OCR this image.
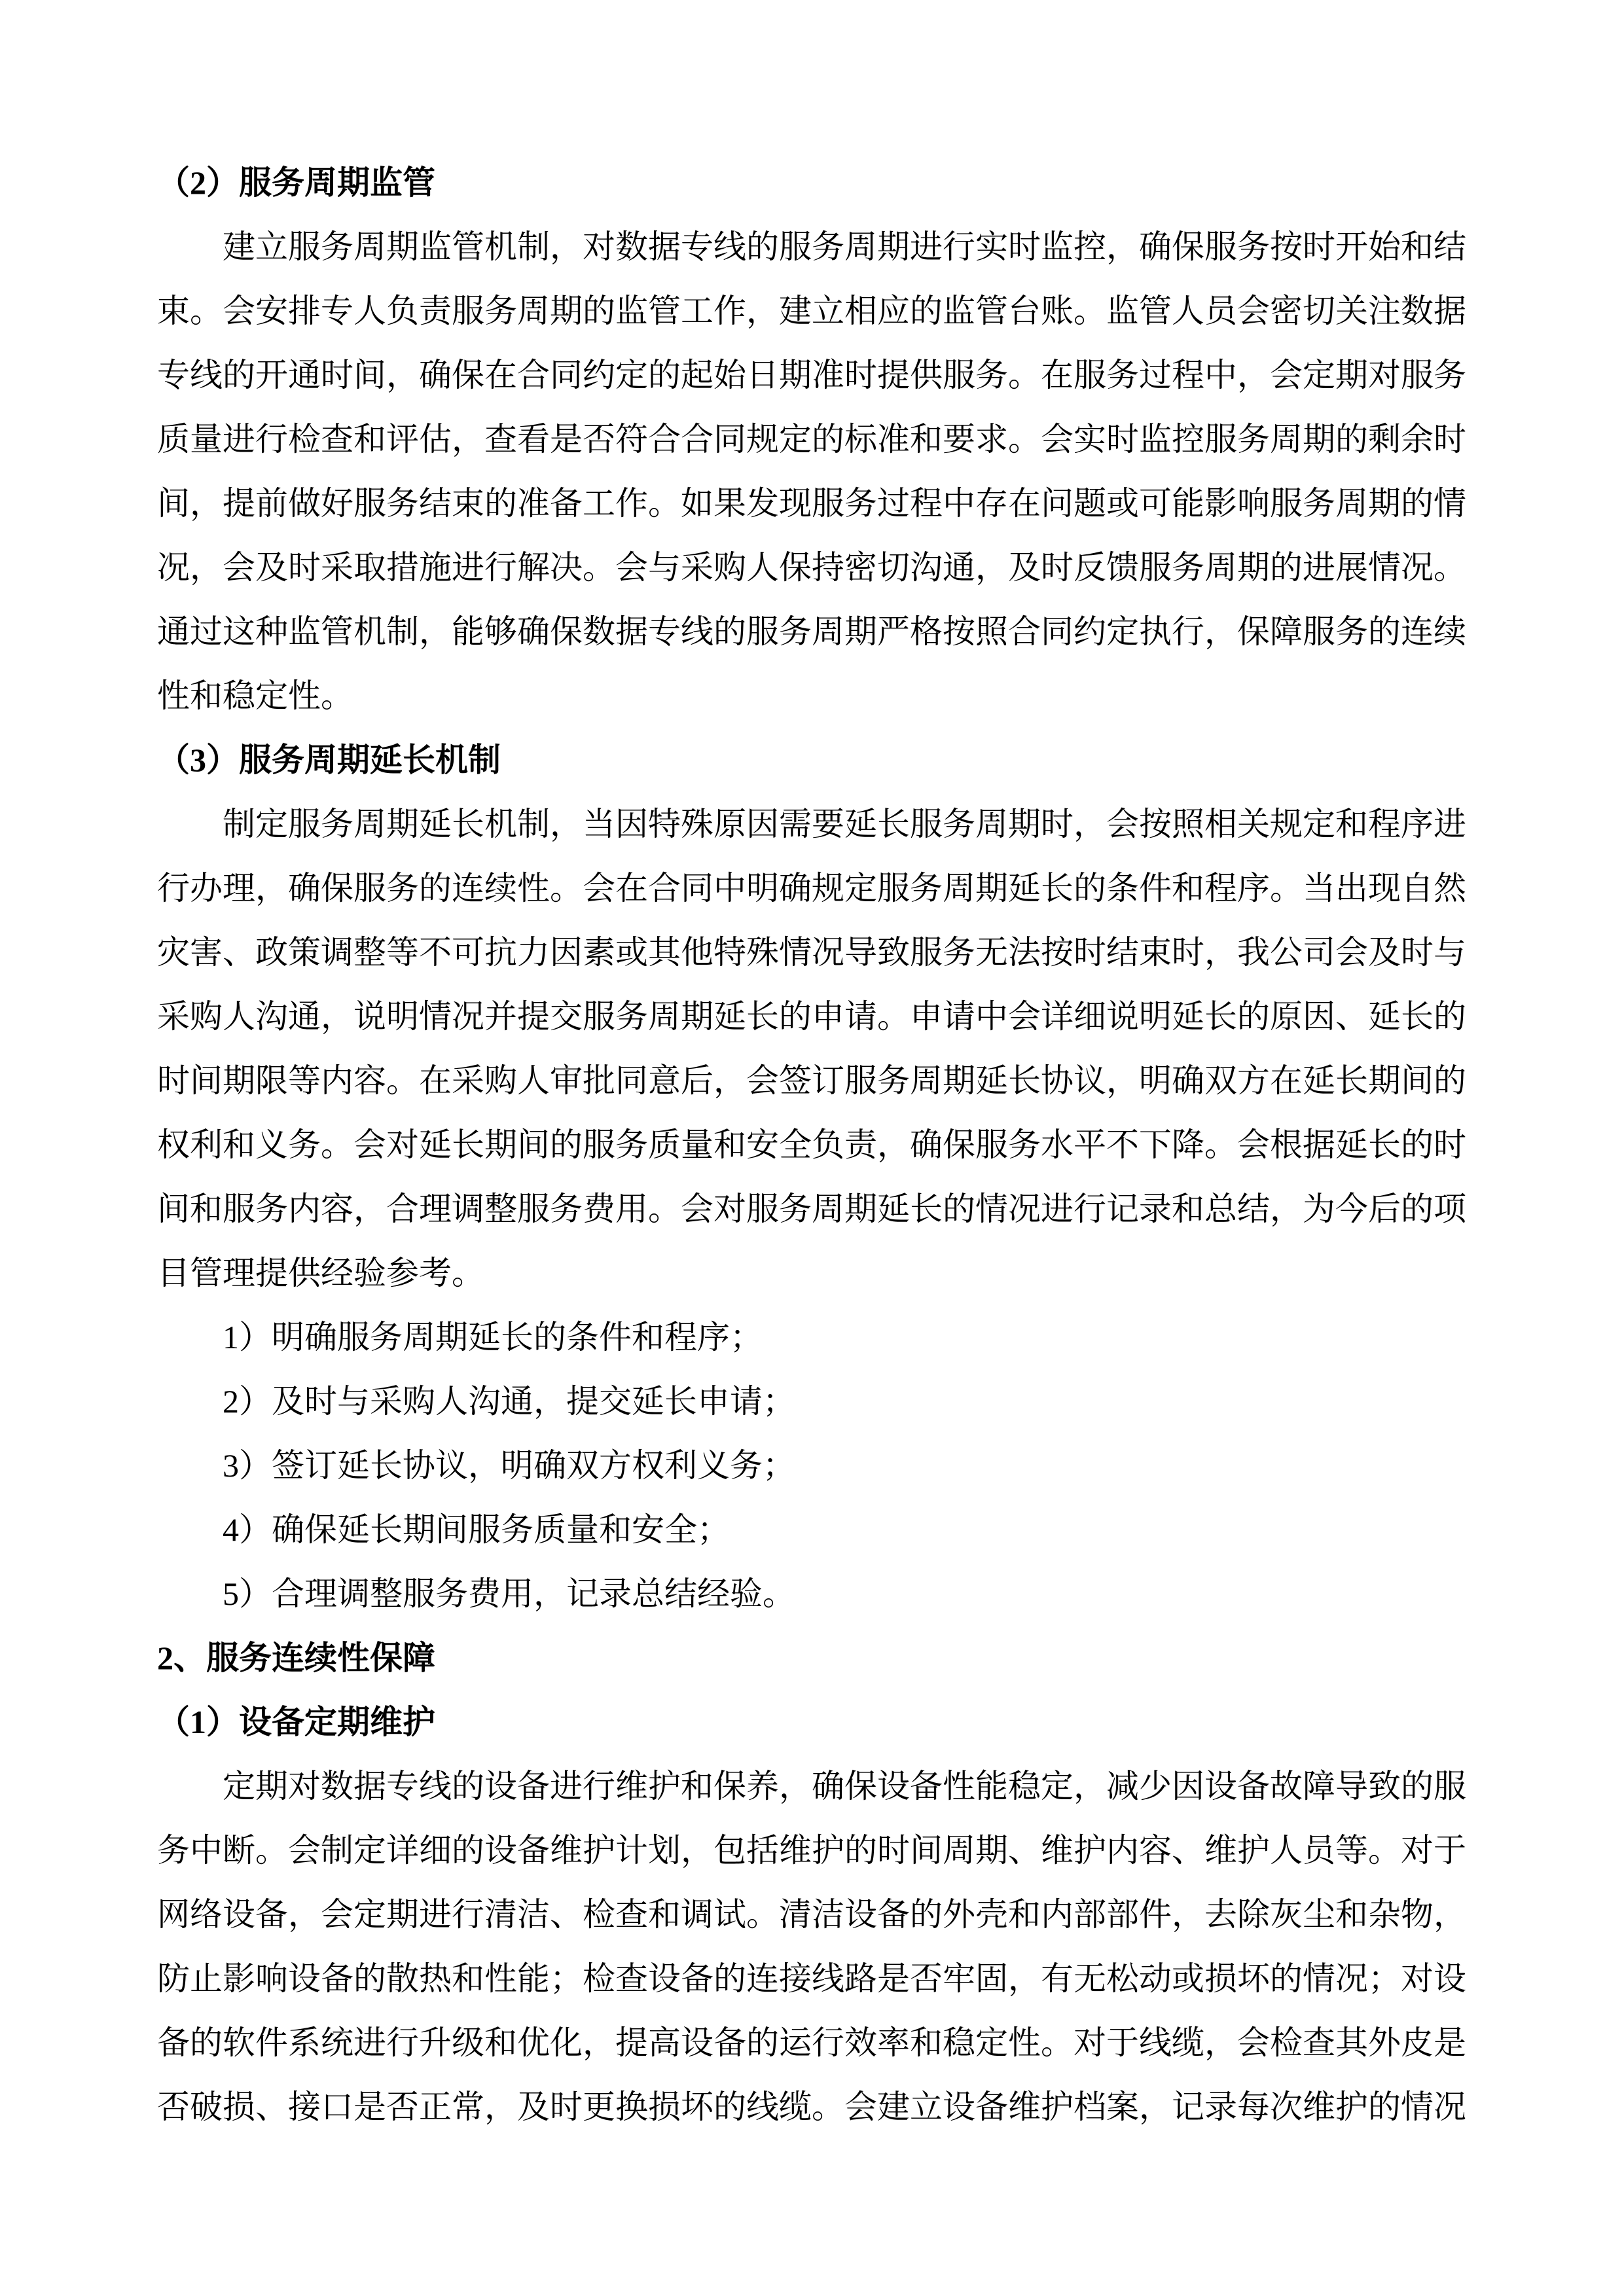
（2）服务周期监管

建立服务周期监管机制，对数据专线的服务周期进行实时监控，确保服务按时开始和结束。会安排专人负责服务周期的监管工作，建立相应的监管台账。监管人员会密切关注数据专线的开通时间，确保在合同约定的起始日期准时提供服务。在服务过程中，会定期对服务质量进行检查和评估，查看是否符合合同规定的标准和要求。会实时监控服务周期的剩余时间，提前做好服务结束的准备工作。如果发现服务过程中存在问题或可能影响服务周期的情况，会及时采取措施进行解决。会与采购人保持密切沟通，及时反馈服务周期的进展情况。通过这种监管机制，能够确保数据专线的服务周期严格按照合同约定执行，保障服务的连续性和稳定性。

（3）服务周期延长机制

制定服务周期延长机制，当因特殊原因需要延长服务周期时，会按照相关规定和程序进行办理，确保服务的连续性。会在合同中明确规定服务周期延长的条件和程序。当出现自然灾害、政策调整等不可抗力因素或其他特殊情况导致服务无法按时结束时，我公司会及时与采购人沟通，说明情况并提交服务周期延长的申请。申请中会详细说明延长的原因、延长的时间期限等内容。在采购人审批同意后，会签订服务周期延长协议，明确双方在延长期间的权利和义务。会对延长期间的服务质量和安全负责，确保服务水平不下降。会根据延长的时间和服务内容，合理调整服务费用。会对服务周期延长的情况进行记录和总结，为今后的项目管理提供经验参考。

1）明确服务周期延长的条件和程序；
2）及时与采购人沟通，提交延长申请；
3）签订延长协议，明确双方权利义务；
4）确保延长期间服务质量和安全；
5）合理调整服务费用，记录总结经验。
2、服务连续性保障
（1）设备定期维护

定期对数据专线的设备进行维护和保养，确保设备性能稳定，减少因设备故障导致的服务中断。会制定详细的设备维护计划，包括维护的时间周期、维护内容、维护人员等。对于网络设备，会定期进行清洁、检查和调试。清洁设备的外壳和内部部件，去除灰尘和杂物，防止影响设备的散热和性能；检查设备的连接线路是否牢固，有无松动或损坏的情况；对设备的软件系统进行升级和优化，提高设备的运行效率和稳定性。对于线缆，会检查其外皮是否破损、接口是否正常，及时更换损坏的线缆。会建立设备维护档案，记录每次维护的情况
